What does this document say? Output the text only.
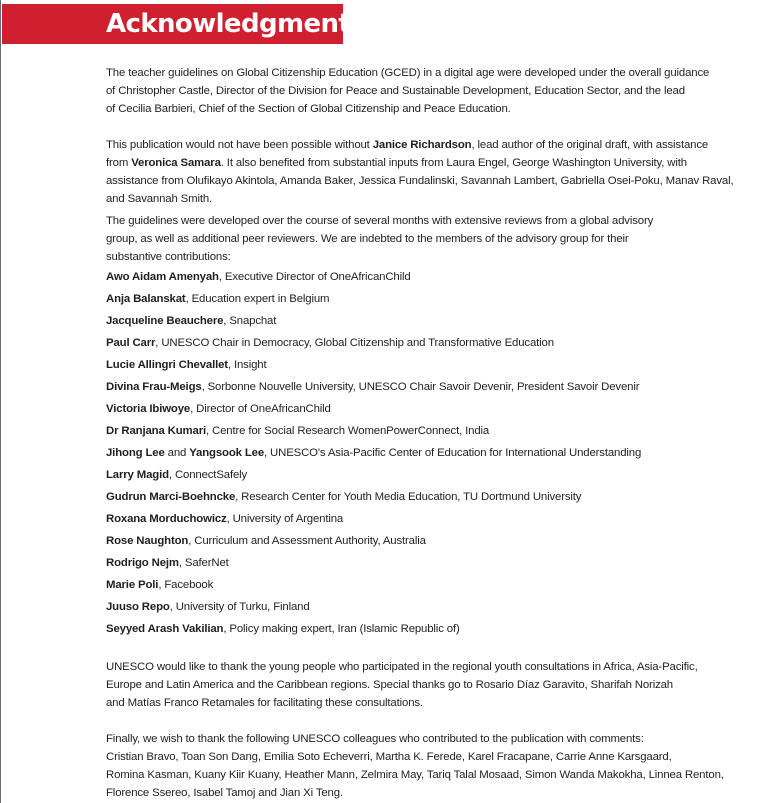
Acknowledgments

The teacher guidelines on Global Citizenship Education (GCED) in a digital age were developed under the overall guidance

of Christopher Castle, Director of the Division for Peace and Sustainable Development, Education Sector, and the lead

of Cecilia Barbieri, Chief of the Section of Global Citizenship and Peace Education.

This publication would not have been possible without Janice Richardson, lead author of the original draft, with assistance

from Veronica Samara. It also benefited from substantial inputs from Laura Engel, George Washington University, with

assistance from Olufikayo Akintola, Amanda Baker, Jessica Fundalinski, Savannah Lambert, Gabriella Osei-Poku, Manav Raval,

and Savannah Smith.

The guidelines were developed over the course of several months with extensive reviews from a global advisory

group, as well as additional peer reviewers. We are indebted to the members of the advisory group for their

substantive contributions:

Awo Aidam Amenyah, Executive Director of OneAfricanChild
Anja Balanskat, Education expert in Belgium
Jacqueline Beauchere, Snapchat
Paul Carr, UNESCO Chair in Democracy, Global Citizenship and Transformative Education
Lucie Allingri Chevallet, Insight
Divina Frau-Meigs, Sorbonne Nouvelle University, UNESCO Chair Savoir Devenir, President Savoir Devenir
Victoria Ibiwoye, Director of OneAfricanChild
Dr Ranjana Kumari, Centre for Social Research WomenPowerConnect, India
Jihong Lee and Yangsook Lee, UNESCO's Asia-Pacific Center of Education for International Understanding
Larry Magid, ConnectSafely
Gudrun Marci-Boehncke, Research Center for Youth Media Education, TU Dortmund University
Roxana Morduchowicz, University of Argentina
Rose Naughton, Curriculum and Assessment Authority, Australia
Rodrigo Nejm, SaferNet
Marie Poli, Facebook
Juuso Repo, University of Turku, Finland
Seyyed Arash Vakilian, Policy making expert, Iran (Islamic Republic of)

UNESCO would like to thank the young people who participated in the regional youth consultations in Africa, Asia-Pacific,

Europe and Latin America and the Caribbean regions. Special thanks go to Rosario Díaz Garavito, Sharifah Norizah

and Matías Franco Retamales for facilitating these consultations.

Finally, we wish to thank the following UNESCO colleagues who contributed to the publication with comments:

Cristian Bravo, Toan Son Dang, Emilia Soto Echeverri, Martha K. Ferede, Karel Fracapane, Carrie Anne Karsgaard,

Romina Kasman, Kuany Kiir Kuany, Heather Mann, Zelmira May, Tariq Talal Mosaad, Simon Wanda Makokha, Linnea Renton,

Florence Ssereo, Isabel Tamoj and Jian Xi Teng.
